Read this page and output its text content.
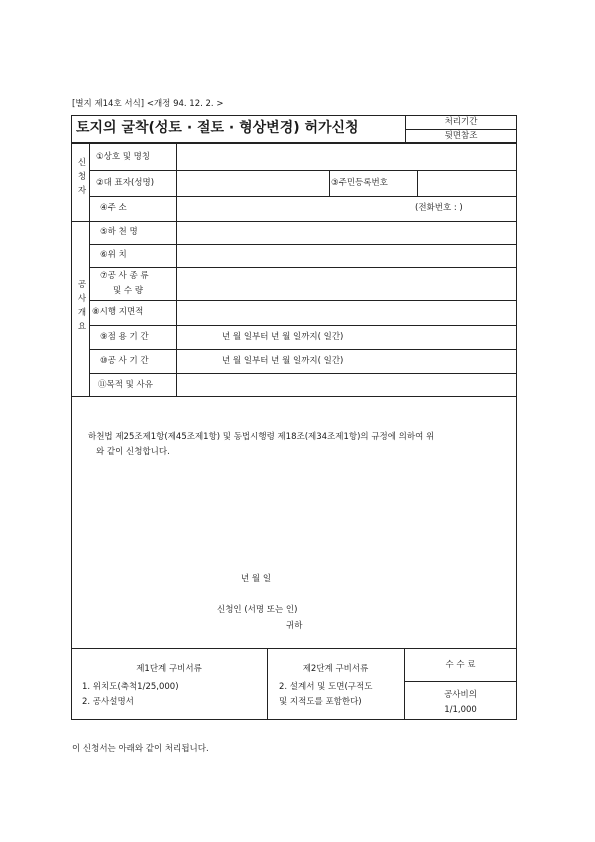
[별지 제14호 서식] <개정 94. 12. 2. >
토지의 굴착(성토 · 절토 · 형상변경) 허가신청	처리기간
뒷면참조
신 청 자
①상호 및 명칭
②대 표자(성명)	③주민등록번호
④주 소	(전화번호 : )
공 사 개 요
⑤하 천 명
⑥위 치
⑦공 사 종 류
및 수 량
⑧시행 지면적
⑨점 용 기 간	년 월 일부터 년 월 일까지( 일간)
⑩공 사 기 간	년 월 일부터 년 월 일까지( 일간)
⑪목적 및 사유
하천법 제25조제1항(제45조제1항) 및 동법시행령 제18조(제34조제1항)의 규정에 의하여 위
와 같이 신청합니다.
년 월 일
신청인 (서명 또는 인)
귀하
제1단계 구비서류
1. 위치도(축척1/25,000)
2. 공사설명서
제2단계 구비서류
2. 설계서 및 도면(구적도
및 지적도를 포함한다)
수 수 료
공사비의
1/1,000
이 신청서는 아래와 같이 처리됩니다.
